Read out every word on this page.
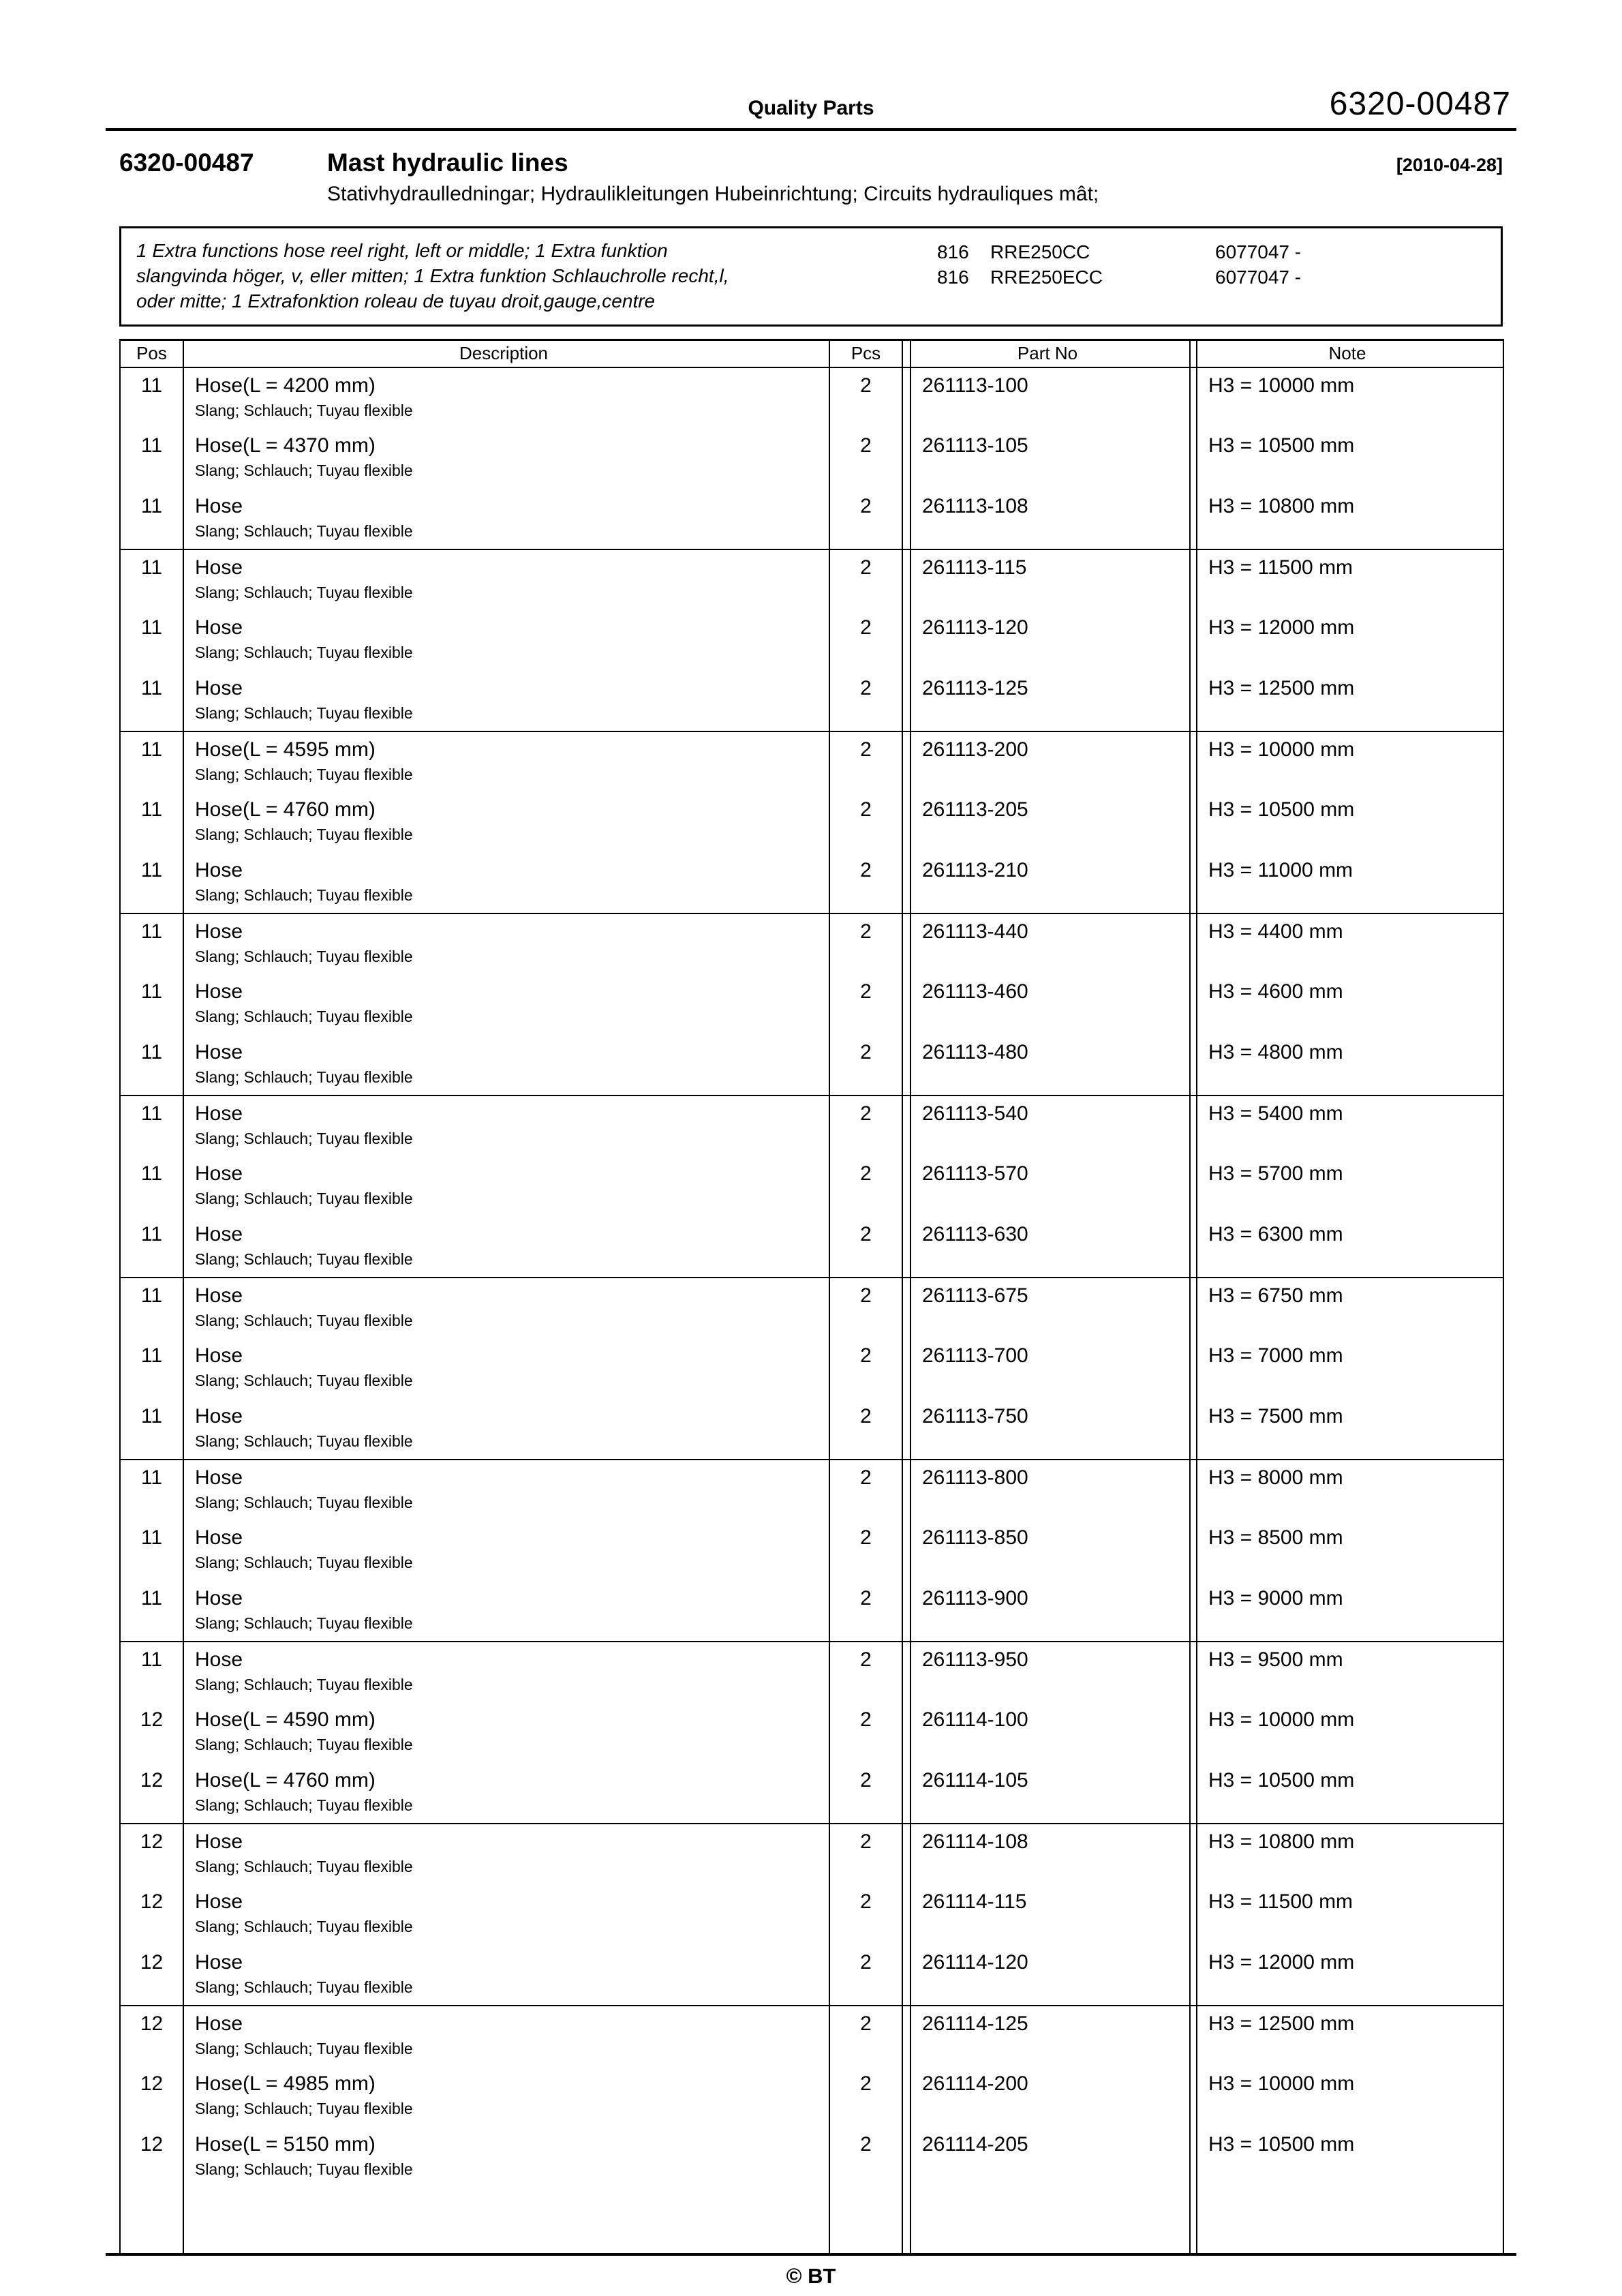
Quality Parts	6320-00487
6320-00487	Mast hydraulic lines	[2010-04-28]
Stativhydraulledningar; Hydraulikleitungen Hubeinrichtung; Circuits hydrauliques mât;
1 Extra functions hose reel right, left or middle; 1 Extra funktion
slangvinda höger, v, eller mitten; 1 Extra funktion Schlauchrolle recht,l,
oder mitte; 1 Extrafonktion roleau de tuyau droit,gauge,centre
816	RRE250CC	6077047 -
816	RRE250ECC	6077047 -
Pos	Description	Pcs		Part No		Note
11	Hose(L = 4200 mm)
Slang; Schlauch; Tuyau flexible	2		261113-100		H3 = 10000 mm
11	Hose(L = 4370 mm)
Slang; Schlauch; Tuyau flexible	2		261113-105		H3 = 10500 mm
11	Hose
Slang; Schlauch; Tuyau flexible	2		261113-108		H3 = 10800 mm
11	Hose
Slang; Schlauch; Tuyau flexible	2		261113-115		H3 = 11500 mm
11	Hose
Slang; Schlauch; Tuyau flexible	2		261113-120		H3 = 12000 mm
11	Hose
Slang; Schlauch; Tuyau flexible	2		261113-125		H3 = 12500 mm
11	Hose(L = 4595 mm)
Slang; Schlauch; Tuyau flexible	2		261113-200		H3 = 10000 mm
11	Hose(L = 4760 mm)
Slang; Schlauch; Tuyau flexible	2		261113-205		H3 = 10500 mm
11	Hose
Slang; Schlauch; Tuyau flexible	2		261113-210		H3 = 11000 mm
11	Hose
Slang; Schlauch; Tuyau flexible	2		261113-440		H3 = 4400 mm
11	Hose
Slang; Schlauch; Tuyau flexible	2		261113-460		H3 = 4600 mm
11	Hose
Slang; Schlauch; Tuyau flexible	2		261113-480		H3 = 4800 mm
11	Hose
Slang; Schlauch; Tuyau flexible	2		261113-540		H3 = 5400 mm
11	Hose
Slang; Schlauch; Tuyau flexible	2		261113-570		H3 = 5700 mm
11	Hose
Slang; Schlauch; Tuyau flexible	2		261113-630		H3 = 6300 mm
11	Hose
Slang; Schlauch; Tuyau flexible	2		261113-675		H3 = 6750 mm
11	Hose
Slang; Schlauch; Tuyau flexible	2		261113-700		H3 = 7000 mm
11	Hose
Slang; Schlauch; Tuyau flexible	2		261113-750		H3 = 7500 mm
11	Hose
Slang; Schlauch; Tuyau flexible	2		261113-800		H3 = 8000 mm
11	Hose
Slang; Schlauch; Tuyau flexible	2		261113-850		H3 = 8500 mm
11	Hose
Slang; Schlauch; Tuyau flexible	2		261113-900		H3 = 9000 mm
11	Hose
Slang; Schlauch; Tuyau flexible	2		261113-950		H3 = 9500 mm
12	Hose(L = 4590 mm)
Slang; Schlauch; Tuyau flexible	2		261114-100		H3 = 10000 mm
12	Hose(L = 4760 mm)
Slang; Schlauch; Tuyau flexible	2		261114-105		H3 = 10500 mm
12	Hose
Slang; Schlauch; Tuyau flexible	2		261114-108		H3 = 10800 mm
12	Hose
Slang; Schlauch; Tuyau flexible	2		261114-115		H3 = 11500 mm
12	Hose
Slang; Schlauch; Tuyau flexible	2		261114-120		H3 = 12000 mm
12	Hose
Slang; Schlauch; Tuyau flexible	2		261114-125		H3 = 12500 mm
12	Hose(L = 4985 mm)
Slang; Schlauch; Tuyau flexible	2		261114-200		H3 = 10000 mm
12	Hose(L = 5150 mm)
Slang; Schlauch; Tuyau flexible	2		261114-205		H3 = 10500 mm

© BT
